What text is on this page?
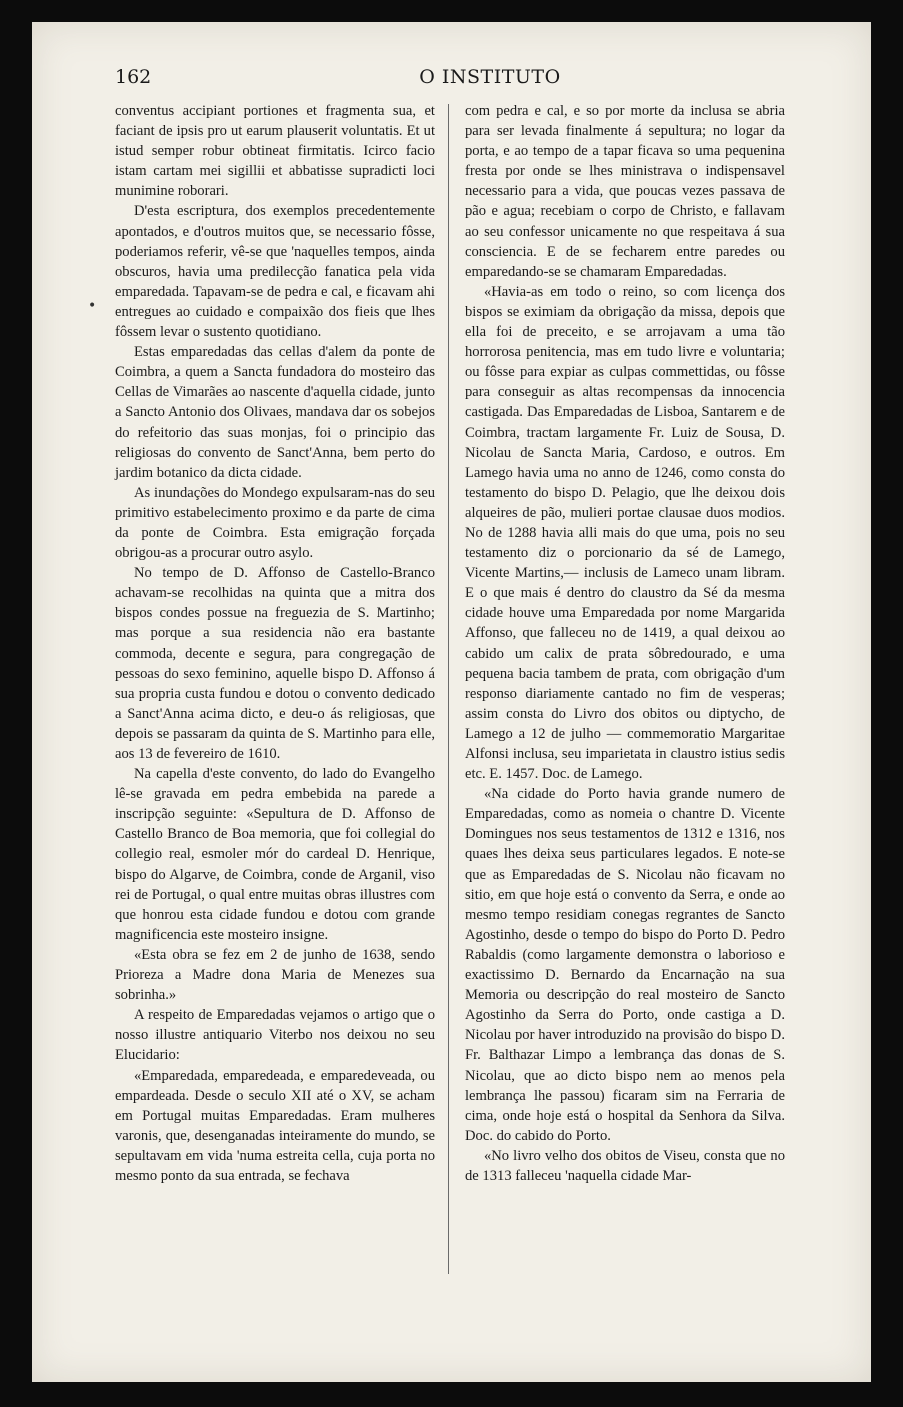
162	O INSTITUTO
•

conventus accipiant portiones et fragmenta sua, et faciant de ipsis pro ut earum plauserit voluntatis. Et ut istud semper robur obtineat firmitatis. Icirco facio istam cartam mei sigillii et abbatisse supradicti loci munimine roborari.

D'esta escriptura, dos exemplos precedentemente apontados, e d'outros muitos que, se necessario fôsse, poderiamos referir, vê-se que 'naquelles tempos, ainda obscuros, havia uma predilecção fanatica pela vida emparedada. Tapavam-se de pedra e cal, e ficavam ahi entregues ao cuidado e compaixão dos fieis que lhes fôssem levar o sustento quotidiano.

Estas emparedadas das cellas d'alem da ponte de Coimbra, a quem a Sancta fundadora do mosteiro das Cellas de Vimarães ao nascente d'aquella cidade, junto a Sancto Antonio dos Olivaes, mandava dar os sobejos do refeitorio das suas monjas, foi o principio das religiosas do convento de Sanct'Anna, bem perto do jardim botanico da dicta cidade.

As inundações do Mondego expulsaram-nas do seu primitivo estabelecimento proximo e da parte de cima da ponte de Coimbra. Esta emigração forçada obrigou-as a procurar outro asylo.

No tempo de D. Affonso de Castello-Branco achavam-se recolhidas na quinta que a mitra dos bispos condes possue na freguezia de S. Martinho; mas porque a sua residencia não era bastante commoda, decente e segura, para congregação de pessoas do sexo feminino, aquelle bispo D. Affonso á sua propria custa fundou e dotou o convento dedicado a Sanct'Anna acima dicto, e deu-o ás religiosas, que depois se passaram da quinta de S. Martinho para elle, aos 13 de fevereiro de 1610.

Na capella d'este convento, do lado do Evangelho lê-se gravada em pedra embebida na parede a inscripção seguinte: «Sepultura de D. Affonso de Castello Branco de Boa memoria, que foi collegial do collegio real, esmoler mór do cardeal D. Henrique, bispo do Algarve, de Coimbra, conde de Arganil, viso rei de Portugal, o qual entre muitas obras illustres com que honrou esta cidade fundou e dotou com grande magnificencia este mosteiro insigne.

«Esta obra se fez em 2 de junho de 1638, sendo Prioreza a Madre dona Maria de Menezes sua sobrinha.»

A respeito de Emparedadas vejamos o artigo que o nosso illustre antiquario Viterbo nos deixou no seu Elucidario:

«Emparedada, emparedeada, e emparedeveada, ou empardeada. Desde o seculo XII até o XV, se acham em Portugal muitas Emparedadas. Eram mulheres varonis, que, desenganadas inteiramente do mundo, se sepultavam em vida 'numa estreita cella, cuja porta no mesmo ponto da sua entrada, se fechava

com pedra e cal, e so por morte da inclusa se abria para ser levada finalmente á sepultura; no logar da porta, e ao tempo de a tapar ficava so uma pequenina fresta por onde se lhes ministrava o indispensavel necessario para a vida, que poucas vezes passava de pão e agua; recebiam o corpo de Christo, e fallavam ao seu confessor unicamente no que respeitava á sua consciencia. E de se fecharem entre paredes ou emparedando-se se chamaram Emparedadas.

«Havia-as em todo o reino, so com licença dos bispos se eximiam da obrigação da missa, depois que ella foi de preceito, e se arrojavam a uma tão horrorosa penitencia, mas em tudo livre e voluntaria; ou fôsse para expiar as culpas commettidas, ou fôsse para conseguir as altas recompensas da innocencia castigada. Das Emparedadas de Lisboa, Santarem e de Coimbra, tractam largamente Fr. Luiz de Sousa, D. Nicolau de Sancta Maria, Cardoso, e outros. Em Lamego havia uma no anno de 1246, como consta do testamento do bispo D. Pelagio, que lhe deixou dois alqueires de pão, mulieri portae clausae duos modios. No de 1288 havia alli mais do que uma, pois no seu testamento diz o porcionario da sé de Lamego, Vicente Martins,— inclusis de Lameco unam libram. E o que mais é dentro do claustro da Sé da mesma cidade houve uma Emparedada por nome Margarida Affonso, que falleceu no de 1419, a qual deixou ao cabido um calix de prata sôbredourado, e uma pequena bacia tambem de prata, com obrigação d'um responso diariamente cantado no fim de vesperas; assim consta do Livro dos obitos ou diptycho, de Lamego a 12 de julho — commemoratio Margaritae Alfonsi inclusa, seu imparietata in claustro istius sedis etc. E. 1457. Doc. de Lamego.

«Na cidade do Porto havia grande numero de Emparedadas, como as nomeia o chantre D. Vicente Domingues nos seus testamentos de 1312 e 1316, nos quaes lhes deixa seus particulares legados. E note-se que as Emparedadas de S. Nicolau não ficavam no sitio, em que hoje está o convento da Serra, e onde ao mesmo tempo residiam conegas regrantes de Sancto Agostinho, desde o tempo do bispo do Porto D. Pedro Rabaldis (como largamente demonstra o laborioso e exactissimo D. Bernardo da Encarnação na sua Memoria ou descripção do real mosteiro de Sancto Agostinho da Serra do Porto, onde castiga a D. Nicolau por haver introduzido na provisão do bispo D. Fr. Balthazar Limpo a lembrança das donas de S. Nicolau, que ao dicto bispo nem ao menos pela lembrança lhe passou) ficaram sim na Ferraria de cima, onde hoje está o hospital da Senhora da Silva. Doc. do cabido do Porto.

«No livro velho dos obitos de Viseu, consta que no de 1313 falleceu 'naquella cidade Mar-
